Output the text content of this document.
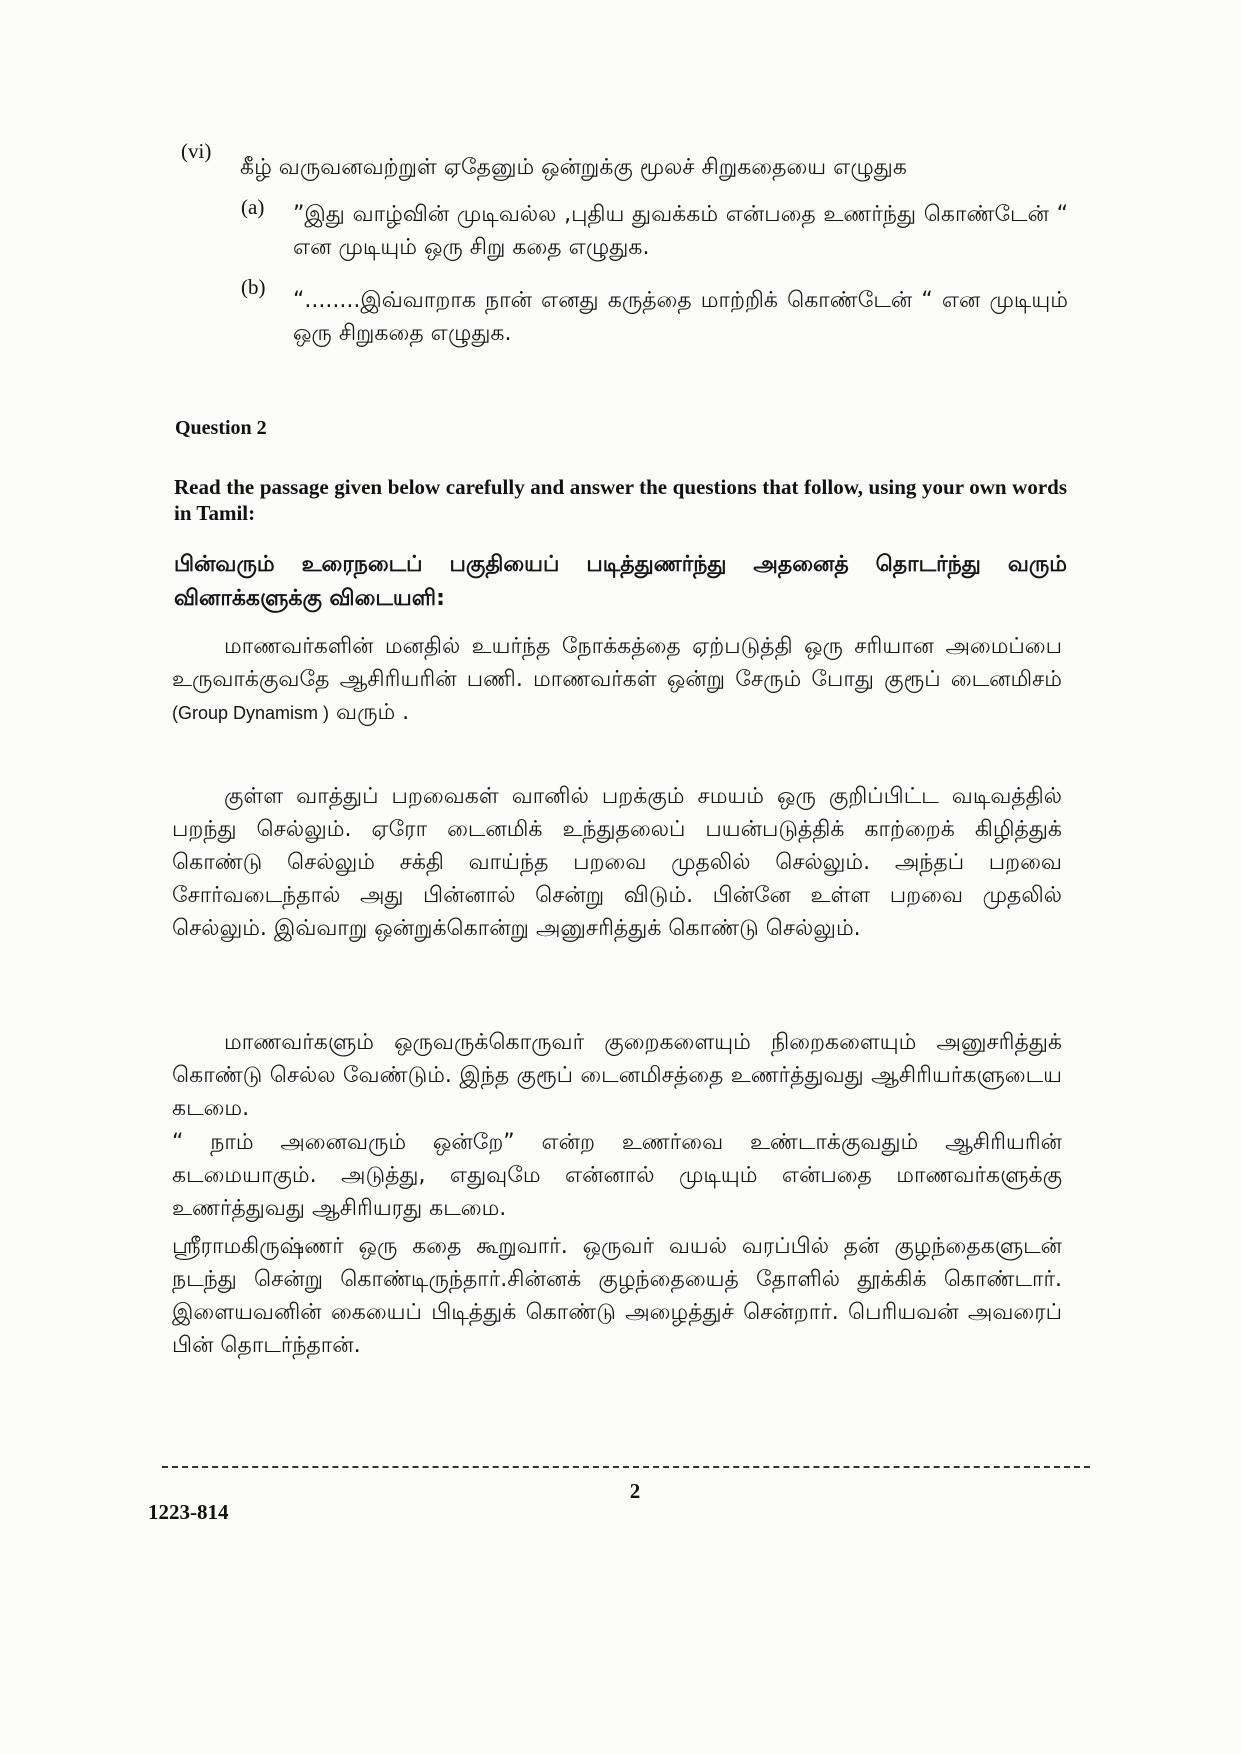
(vi)
கீழ் வருவனவற்றுள் ஏதேனும் ஒன்றுக்கு மூலச் சிறுகதையை எழுதுக
(a) ”இது வாழ்வின் முடிவல்ல ,புதிய துவக்கம் என்பதை உணர்ந்து கொண்டேன் “ என முடியும் ஒரு சிறு கதை எழுதுக.
(b)
“........இவ்வாறாக நான் எனது கருத்தை மாற்றிக் கொண்டேன் “ என முடியும் ஒரு சிறுகதை எழுதுக.
Question 2
Read the passage given below carefully and answer the questions that follow, using your own words in Tamil:
பின்வரும் உரைநடைப் பகுதியைப் படித்துணர்ந்து அதனைத் தொடர்ந்து வரும் வினாக்களுக்கு விடையளி:
மாணவர்களின் மனதில் உயர்ந்த நோக்கத்தை ஏற்படுத்தி ஒரு சரியான அமைப்பை உருவாக்குவதே ஆசிரியரின் பணி. மாணவர்கள் ஒன்று சேரும் போது குரூப் டைனமிசம் (Group Dynamism ) வரும் .
குள்ள வாத்துப் பறவைகள் வானில் பறக்கும் சமயம் ஒரு குறிப்பிட்ட வடிவத்தில் பறந்து செல்லும். ஏரோ டைனமிக் உந்துதலைப் பயன்படுத்திக் காற்றைக் கிழித்துக் கொண்டு செல்லும் சக்தி வாய்ந்த பறவை முதலில் செல்லும். அந்தப் பறவை சோர்வடைந்தால் அது பின்னால் சென்று விடும். பின்னே உள்ள பறவை முதலில் செல்லும். இவ்வாறு ஒன்றுக்கொன்று அனுசரித்துக் கொண்டு செல்லும்.
மாணவர்களும் ஒருவருக்கொருவர் குறைகளையும் நிறைகளையும் அனுசரித்துக் கொண்டு செல்ல வேண்டும். இந்த குரூப் டைனமிசத்தை உணர்த்துவது ஆசிரியர்களுடைய கடமை.
“ நாம் அனைவரும் ஒன்றே” என்ற உணர்வை உண்டாக்குவதும் ஆசிரியரின் கடமையாகும். அடுத்து, எதுவுமே என்னால் முடியும் என்பதை மாணவர்களுக்கு உணர்த்துவது ஆசிரியரது கடமை.
ஸ்ரீராமகிருஷ்ணர் ஒரு கதை கூறுவார். ஒருவர் வயல் வரப்பில் தன் குழந்தைகளுடன் நடந்து சென்று கொண்டிருந்தார்.சின்னக் குழந்தையைத் தோளில் தூக்கிக் கொண்டார். இளையவனின் கையைப் பிடித்துக் கொண்டு அழைத்துச் சென்றார். பெரியவன் அவரைப் பின் தொடர்ந்தான்.
2
1223-814
